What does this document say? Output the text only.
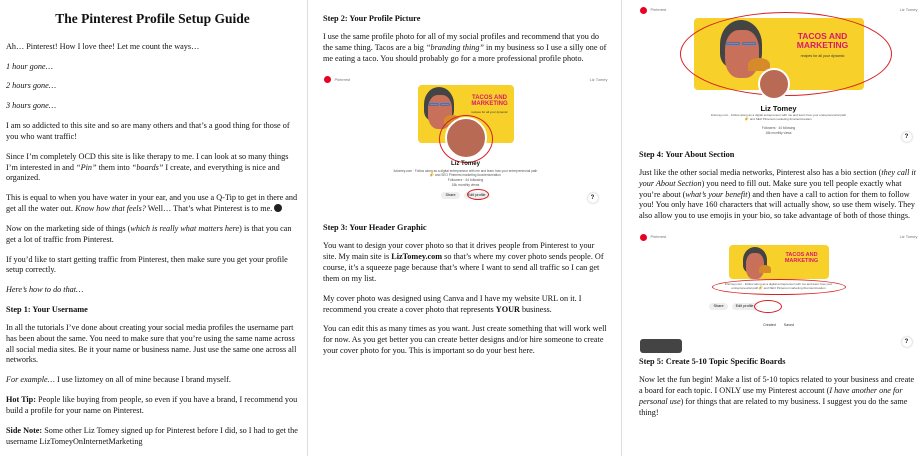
The Pinterest Profile Setup Guide

Ah… Pinterest! How I love thee! Let me count the ways…

1 hour gone…

2 hours gone…

3 hours gone…

I am so addicted to this site and so are many others and that’s a good thing for those of you who want traffic!

Since I’m completely OCD this site is like therapy to me. I can look at so many things I’m interested in and “Pin” them into “boards” I create, and everything is nice and organized.

This is equal to when you have water in your ear, and you use a Q-Tip to get in there and get all the water out. Know how that feels? Well… That’s what Pinterest is to me.

Now on the marketing side of things (which is really what matters here) is that you can get a lot of traffic from Pinterest.

If you’d like to start getting traffic from Pinterest, then make sure you get your profile setup correctly.

Here’s how to do that…

Step 1: Your Username

In all the tutorials I’ve done about creating your social media profiles the username part has been about the same. You need to make sure that you’re using the same name across all social media sites. Be it your name or business name. Just use the same one across all networks.

For example… I use liztomey on all of mine because I brand myself.

Hot Tip: People like buying from people, so even if you have a brand, I recommend you build a profile for your name on Pinterest.

Side Note: Some other Liz Tomey signed up for Pinterest before I did, so I had to get the username LizTomeyOnInternetMarketing

Step 2: Your Profile Picture

I use the same profile photo for all of my social profiles and recommend that you do the same thing. Tacos are a big “branding thing” in my business so I use a silly one of me eating a taco. You should probably go for a more professional profile photo.

Pinterest	Liz Tomey
TACOS AND MARKETING
recipes for all your dynamic
Liz Tomey
liztomey.com · Follow along as a digital entrepreneur with me and learn how your entrepreneurial path 🌮 and SEO Pinterest marketing #contentcreation
Followers · 44 following
18k monthly views
Share	Edit profile	?
Step 3: Your Header Graphic

You want to design your cover photo so that it drives people from Pinterest to your site. My main site is LizTomey.com so that’s where my cover photo sends people. Of course, it’s a squeeze page because that’s where I want to send all traffic so I can get them on my list.

My cover photo was designed using Canva and I have my website URL on it. I recommend you create a cover photo that represents YOUR business.

You can edit this as many times as you want. Just create something that will work well for now. As you get better you can create better designs and/or hire someone to create your cover photo for you. This is important so do your best here.

Pinterest	Liz Tomey
TACOS AND MARKETING
recipes for all your dynamic
Liz Tomey
liztomey.com · Follow along as a digital entrepreneur with me and learn how your entrepreneurial path 🌮 and SEO Pinterest marketing #contentcreation
Followers · 44 following
18k monthly views
?
Step 4: Your About Section

Just like the other social media networks, Pinterest also has a bio section (they call it your About Section) you need to fill out. Make sure you tell people exactly what you’re about (what’s your benefit) and then have a call to action for them to follow you! You only have 160 characters that will actually show, so use them wisely. They also allow you to use emojis in your bio, so take advantage of both of those things.

Pinterest	Liz Tomey
TACOS AND MARKETING
liztomey.com · Follow along as a digital entrepreneur with me and learn how your entrepreneurial path 🌮 and SEO Pinterest marketing #contentcreation
Share	Edit profile
Created Saved
?
Step 5: Create 5-10 Topic Specific Boards

Now let the fun begin! Make a list of 5-10 topics related to your business and create a board for each topic. I ONLY use my Pinterest account (I have another one for personal use) for things that are related to my business. I suggest you do the same thing!
